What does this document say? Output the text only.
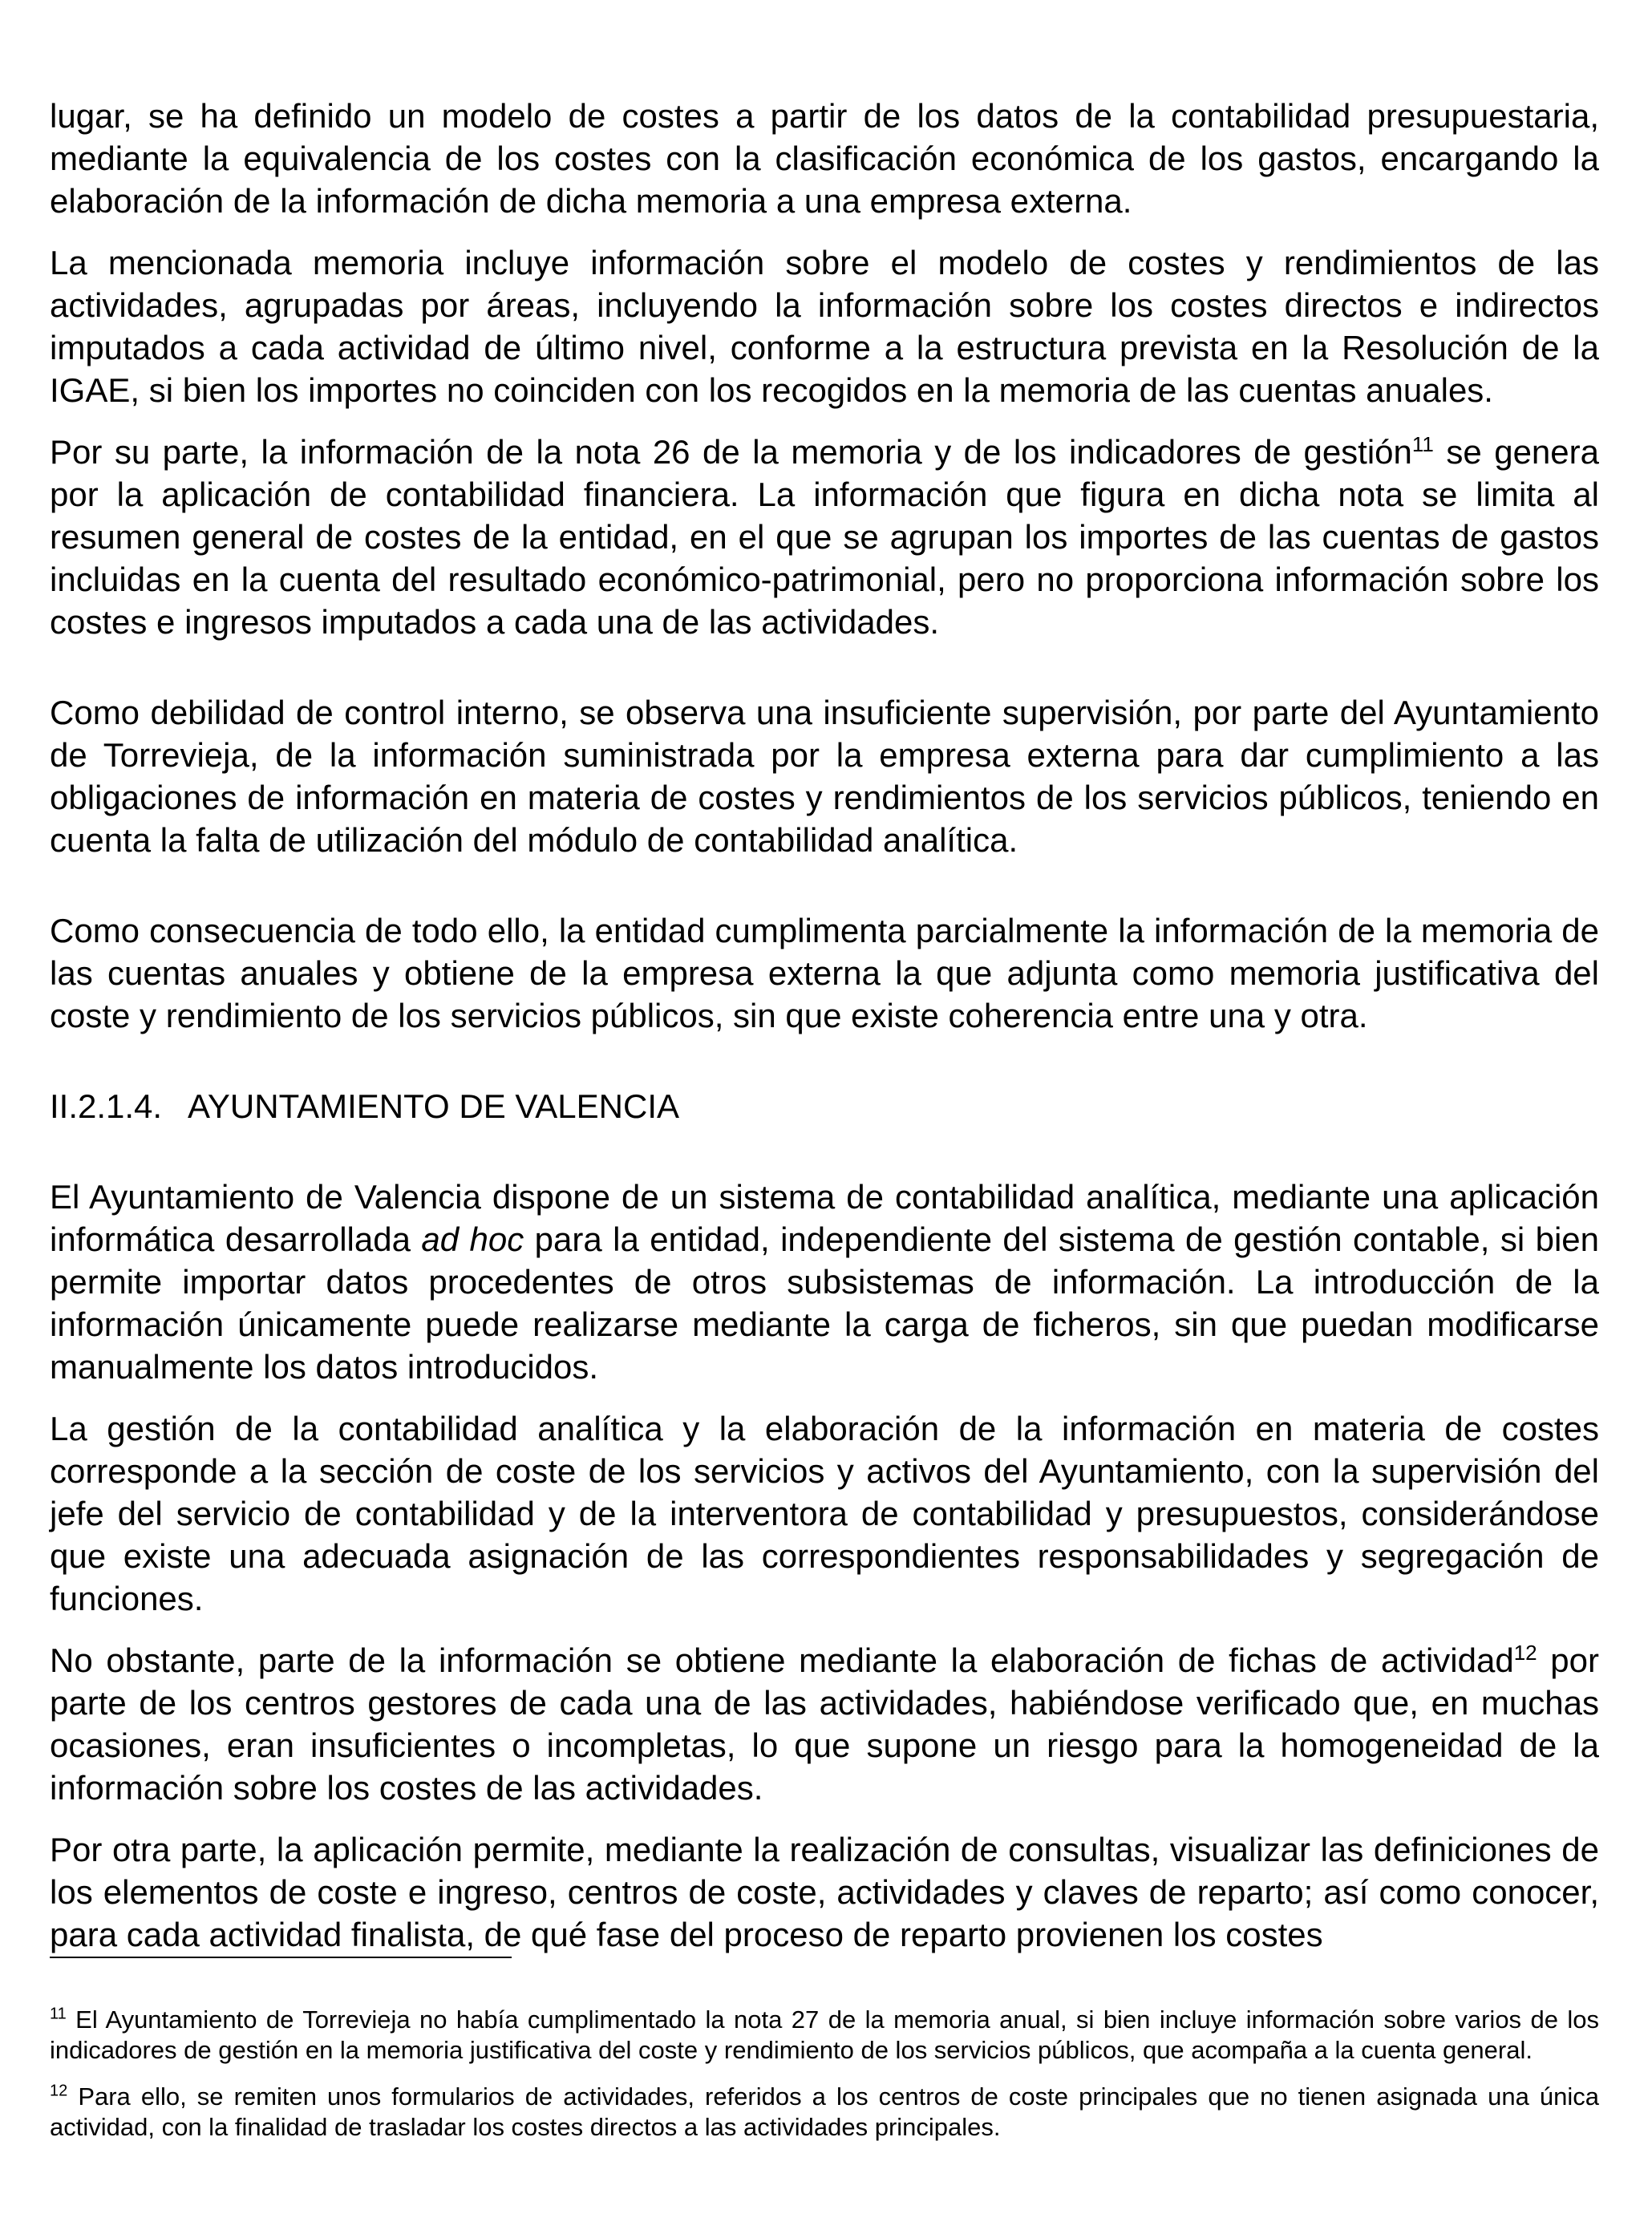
lugar, se ha definido un modelo de costes a partir de los datos de la contabilidad presupuestaria, mediante la equivalencia de los costes con la clasificación económica de los gastos, encargando la elaboración de la información de dicha memoria a una empresa externa.

La mencionada memoria incluye información sobre el modelo de costes y rendimientos de las actividades, agrupadas por áreas, incluyendo la información sobre los costes directos e indirectos imputados a cada actividad de último nivel, conforme a la estructura prevista en la Resolución de la IGAE, si bien los importes no coinciden con los recogidos en la memoria de las cuentas anuales.

Por su parte, la información de la nota 26 de la memoria y de los indicadores de gestión$^{11}$ se genera por la aplicación de contabilidad financiera. La información que figura en dicha nota se limita al resumen general de costes de la entidad, en el que se agrupan los importes de las cuentas de gastos incluidas en la cuenta del resultado económico-patrimonial, pero no proporciona información sobre los costes e ingresos imputados a cada una de las actividades.

Como debilidad de control interno, se observa una insuficiente supervisión, por parte del Ayuntamiento de Torrevieja, de la información suministrada por la empresa externa para dar cumplimiento a las obligaciones de información en materia de costes y rendimientos de los servicios públicos, teniendo en cuenta la falta de utilización del módulo de contabilidad analítica.

Como consecuencia de todo ello, la entidad cumplimenta parcialmente la información de la memoria de las cuentas anuales y obtiene de la empresa externa la que adjunta como memoria justificativa del coste y rendimiento de los servicios públicos, sin que existe coherencia entre una y otra.

II.2.1.4. AYUNTAMIENTO DE VALENCIA

El Ayuntamiento de Valencia dispone de un sistema de contabilidad analítica, mediante una aplicación informática desarrollada ad hoc para la entidad, independiente del sistema de gestión contable, si bien permite importar datos procedentes de otros subsistemas de información. La introducción de la información únicamente puede realizarse mediante la carga de ficheros, sin que puedan modificarse manualmente los datos introducidos.

La gestión de la contabilidad analítica y la elaboración de la información en materia de costes corresponde a la sección de coste de los servicios y activos del Ayuntamiento, con la supervisión del jefe del servicio de contabilidad y de la interventora de contabilidad y presupuestos, considerándose que existe una adecuada asignación de las correspondientes responsabilidades y segregación de funciones.

No obstante, parte de la información se obtiene mediante la elaboración de fichas de actividad$^{12}$ por parte de los centros gestores de cada una de las actividades, habiéndose verificado que, en muchas ocasiones, eran insuficientes o incompletas, lo que supone un riesgo para la homogeneidad de la información sobre los costes de las actividades.

Por otra parte, la aplicación permite, mediante la realización de consultas, visualizar las definiciones de los elementos de coste e ingreso, centros de coste, actividades y claves de reparto; así como conocer, para cada actividad finalista, de qué fase del proceso de reparto provienen los costes

$^{11}$ El Ayuntamiento de Torrevieja no había cumplimentado la nota 27 de la memoria anual, si bien incluye información sobre varios de los indicadores de gestión en la memoria justificativa del coste y rendimiento de los servicios públicos, que acompaña a la cuenta general.

$^{12}$ Para ello, se remiten unos formularios de actividades, referidos a los centros de coste principales que no tienen asignada una única actividad, con la finalidad de trasladar los costes directos a las actividades principales.
